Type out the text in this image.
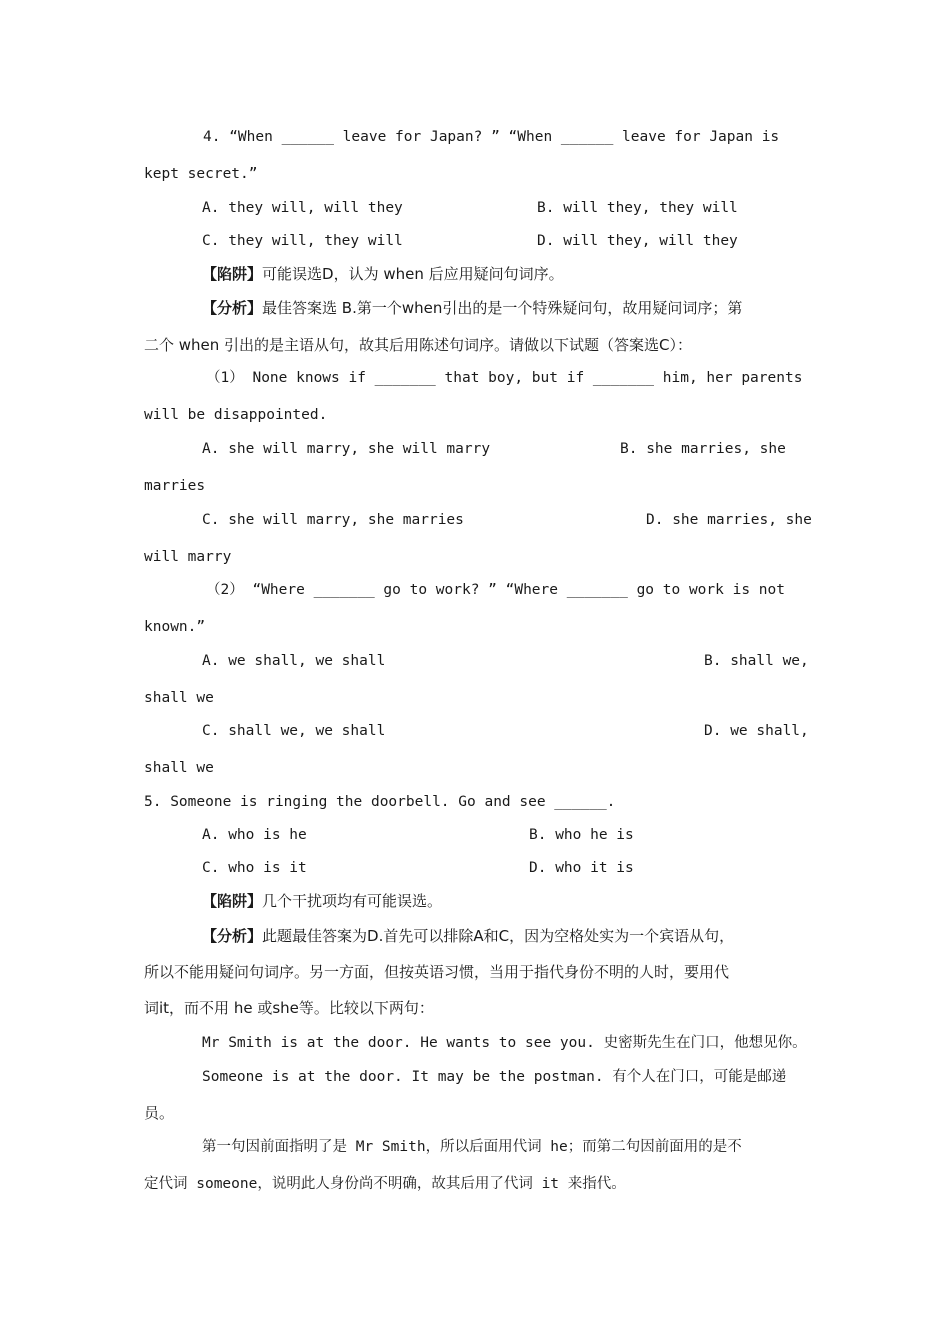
4. “When ______ leave for Japan? ” “When ______ leave for Japan is
kept secret.”
A. they will, will they	B. will they, they will
C. they will, they will	D. will they, will they
【陷阱】可能误选D，认为 when 后应用疑问句词序。
【分析】最佳答案选 B.第一个when引出的是一个特殊疑问句，故用疑问词序；第
二个 when 引出的是主语从句，故其后用陈述句词序。请做以下试题（答案选C）：
（1） None knows if _______ that boy, but if _______ him, her parents
will be disappointed.
A. she will marry, she will marry	B. she marries, she
marries
C. she will marry, she marries	D. she marries, she
will marry
（2） “Where _______ go to work? ” “Where _______ go to work is not
known.”
A. we shall, we shall	B. shall we,
shall we
C. shall we, we shall	D. we shall,
shall we
5. Someone is ringing the doorbell. Go and see ______.
A. who is he	B. who he is
C. who is it	D. who it is
【陷阱】几个干扰项均有可能误选。
【分析】此题最佳答案为D.首先可以排除A和C，因为空格处实为一个宾语从句，
所以不能用疑问句词序。另一方面，但按英语习惯，当用于指代身份不明的人时，要用代
词it，而不用 he 或she等。比较以下两句：
Mr Smith is at the door. He wants to see you. 史密斯先生在门口，他想见你。
Someone is at the door. It may be the postman. 有个人在门口，可能是邮递
员。
第一句因前面指明了是 Mr Smith，所以后面用代词 he；而第二句因前面用的是不
定代词 someone，说明此人身份尚不明确，故其后用了代词 it 来指代。
